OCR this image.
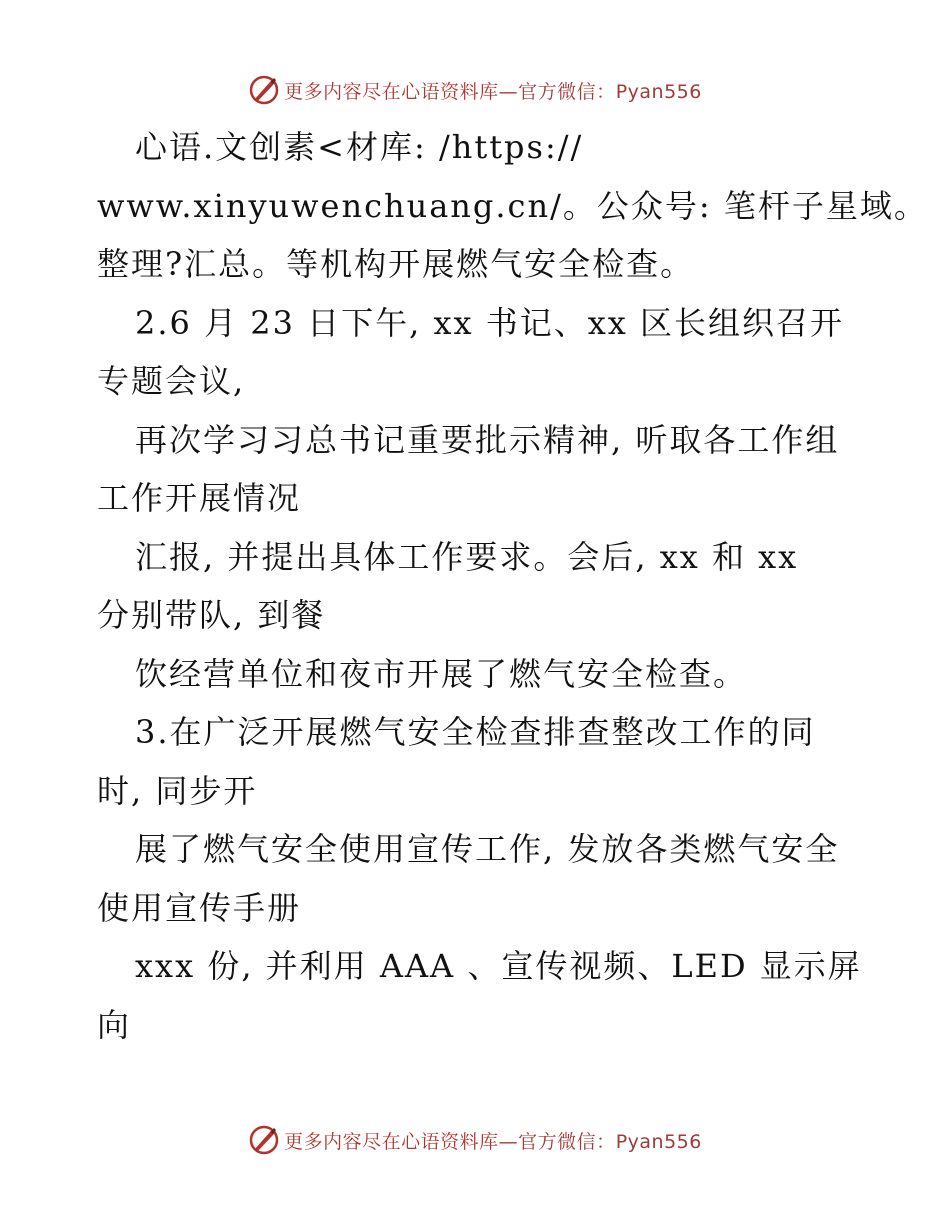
更多内容尽在心语资料库—官方微信：Pyan556
心语.文创素<材库: /https://
www.xinyuwenchuang.cn/。公众号: 笔杆子星域。
整理?汇总。等机构开展燃气安全检查。
2.6 月 23 日下午, xx 书记、xx 区长组织召开
专题会议,
再次学习习总书记重要批示精神, 听取各工作组
工作开展情况
汇报, 并提出具体工作要求。会后, xx 和 xx
分别带队, 到餐
饮经营单位和夜市开展了燃气安全检查。
3.在广泛开展燃气安全检查排查整改工作的同
时, 同步开
展了燃气安全使用宣传工作, 发放各类燃气安全
使用宣传手册
xxx 份, 并利用 AAA 、宣传视频、LED 显示屏
向
更多内容尽在心语资料库—官方微信：Pyan556
